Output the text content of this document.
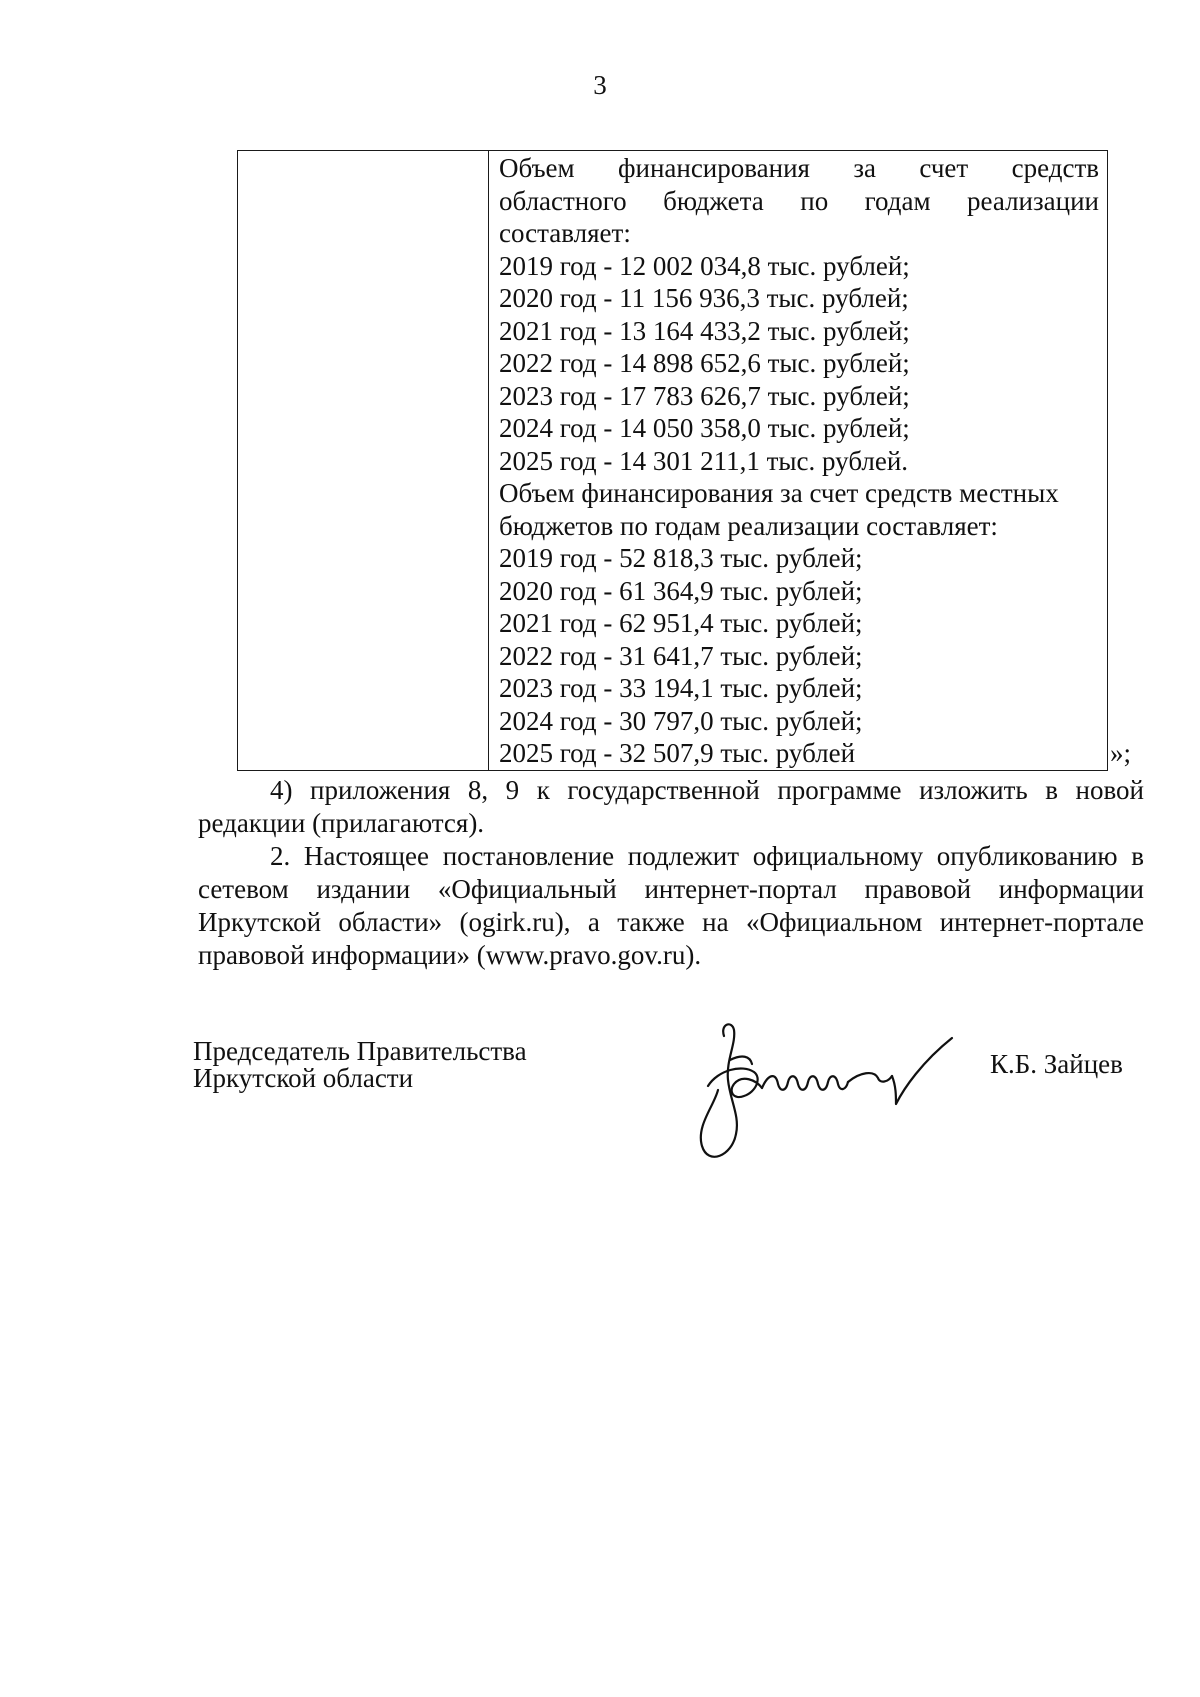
3

Объем финансирования за счет средств
областного бюджета по годам реализации
составляет:
2019 год - 12 002 034,8 тыс. рублей;
2020 год - 11 156 936,3 тыс. рублей;
2021 год - 13 164 433,2 тыс. рублей;
2022 год - 14 898 652,6 тыс. рублей;
2023 год - 17 783 626,7 тыс. рублей;
2024 год - 14 050 358,0 тыс. рублей;
2025 год - 14 301 211,1 тыс. рублей.
Объем финансирования за счет средств местных
бюджетов по годам реализации составляет:
2019 год - 52 818,3 тыс. рублей;
2020 год - 61 364,9 тыс. рублей;
2021 год - 62 951,4 тыс. рублей;
2022 год - 31 641,7 тыс. рублей;
2023 год - 33 194,1 тыс. рублей;
2024 год - 30 797,0 тыс. рублей;
2025 год - 32 507,9 тыс. рублей	»;

4) приложения 8, 9 к государственной программе изложить в новой редакции (прилагаются).

2. Настоящее постановление подлежит официальному опубликованию в сетевом издании «Официальный интернет-портал правовой информации Иркутской области» (ogirk.ru), а также на «Официальном интернет-портале правовой информации» (www.pravo.gov.ru).

Председатель Правительства
Иркутской области	К.Б. Зайцев
